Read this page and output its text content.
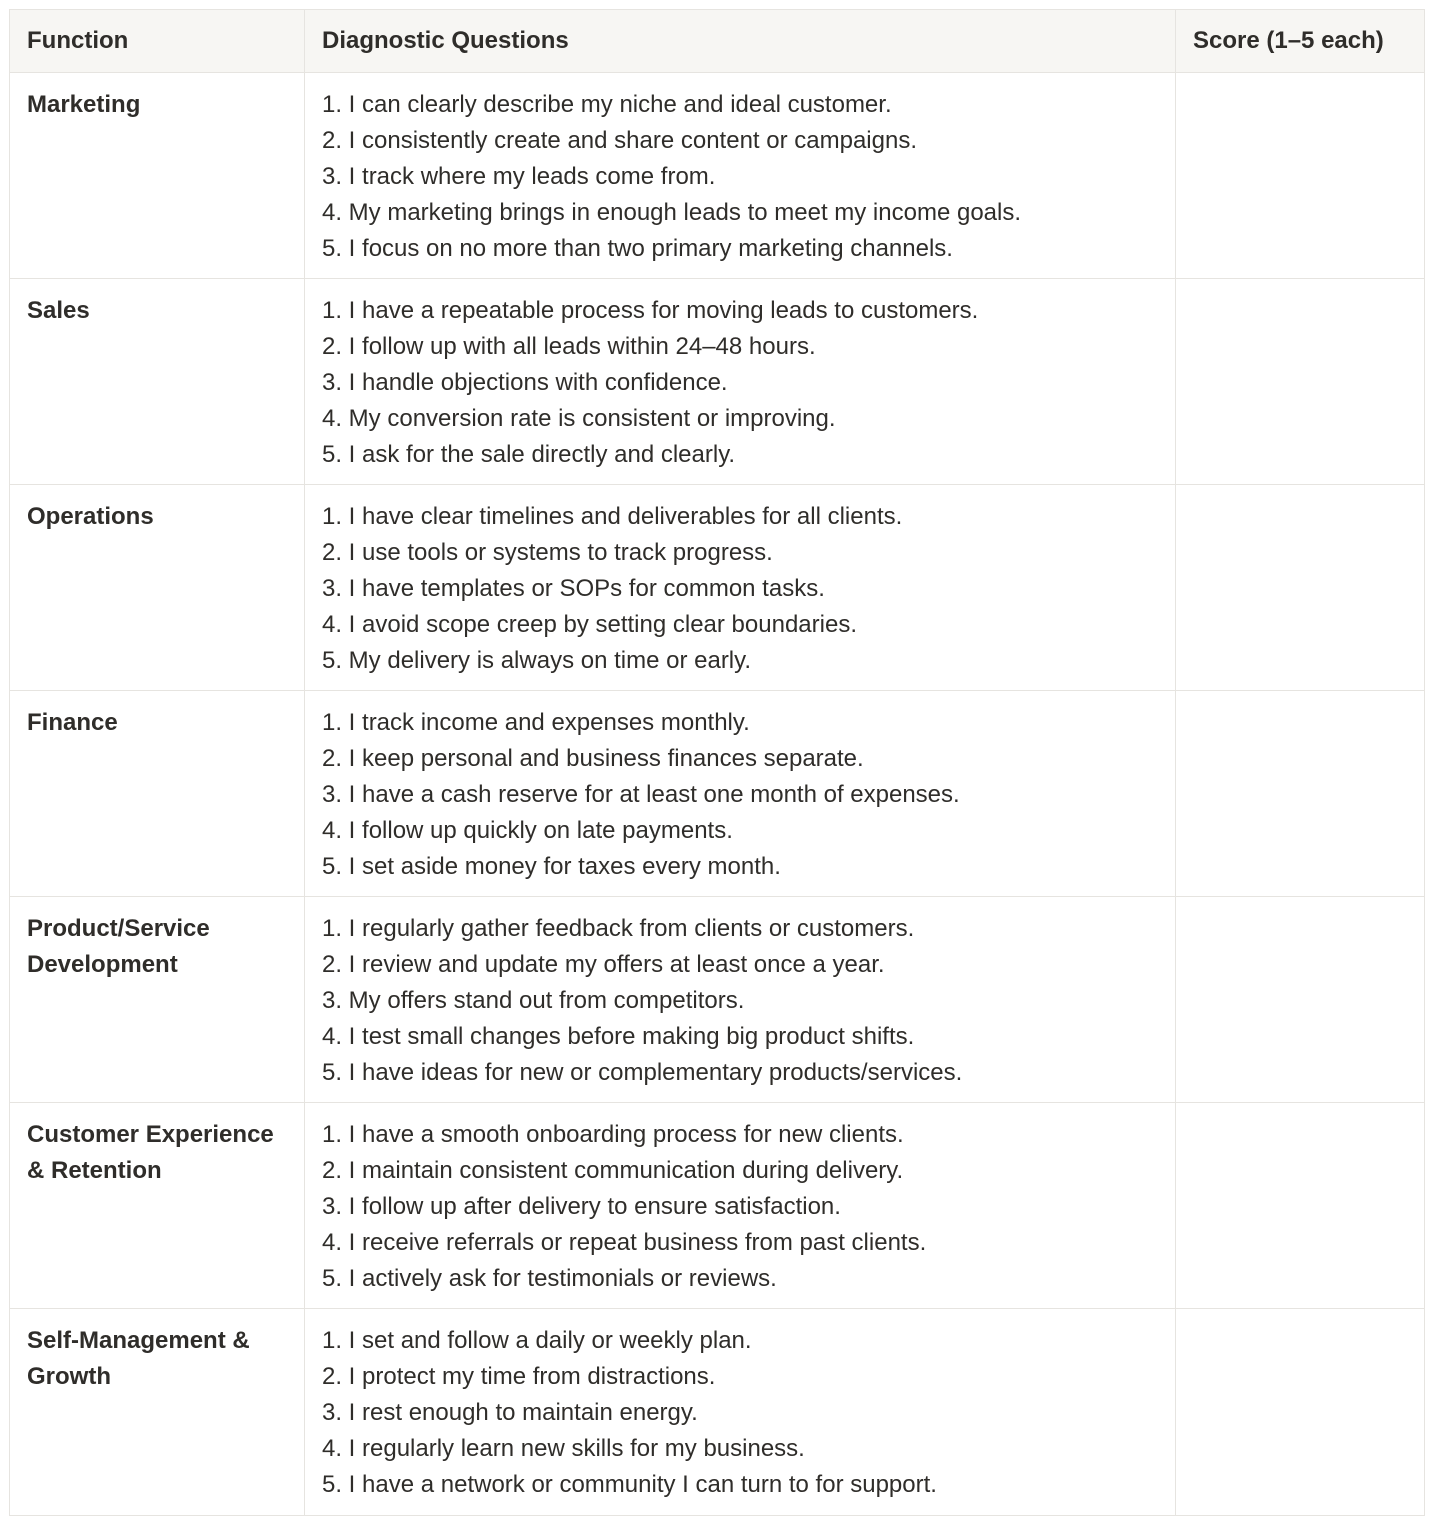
Function	Diagnostic Questions	Score (1–5 each)
Marketing	1. I can clearly describe my niche and ideal customer.
2. I consistently create and share content or campaigns.
3. I track where my leads come from.
4. My marketing brings in enough leads to meet my income goals.
5. I focus on no more than two primary marketing channels.	

Sales	1. I have a repeatable process for moving leads to customers.
2. I follow up with all leads within 24–48 hours.
3. I handle objections with confidence.
4. My conversion rate is consistent or improving.
5. I ask for the sale directly and clearly.	

Operations	1. I have clear timelines and deliverables for all clients.
2. I use tools or systems to track progress.
3. I have templates or SOPs for common tasks.
4. I avoid scope creep by setting clear boundaries.
5. My delivery is always on time or early.	

Finance	1. I track income and expenses monthly.
2. I keep personal and business finances separate.
3. I have a cash reserve for at least one month of expenses.
4. I follow up quickly on late payments.
5. I set aside money for taxes every month.	

Product/Service Development	1. I regularly gather feedback from clients or customers.
2. I review and update my offers at least once a year.
3. My offers stand out from competitors.
4. I test small changes before making big product shifts.
5. I have ideas for new or complementary products/services.	

Customer Experience & Retention	1. I have a smooth onboarding process for new clients.
2. I maintain consistent communication during delivery.
3. I follow up after delivery to ensure satisfaction.
4. I receive referrals or repeat business from past clients.
5. I actively ask for testimonials or reviews.	

Self-Management & Growth	1. I set and follow a daily or weekly plan.
2. I protect my time from distractions.
3. I rest enough to maintain energy.
4. I regularly learn new skills for my business.
5. I have a network or community I can turn to for support.	
